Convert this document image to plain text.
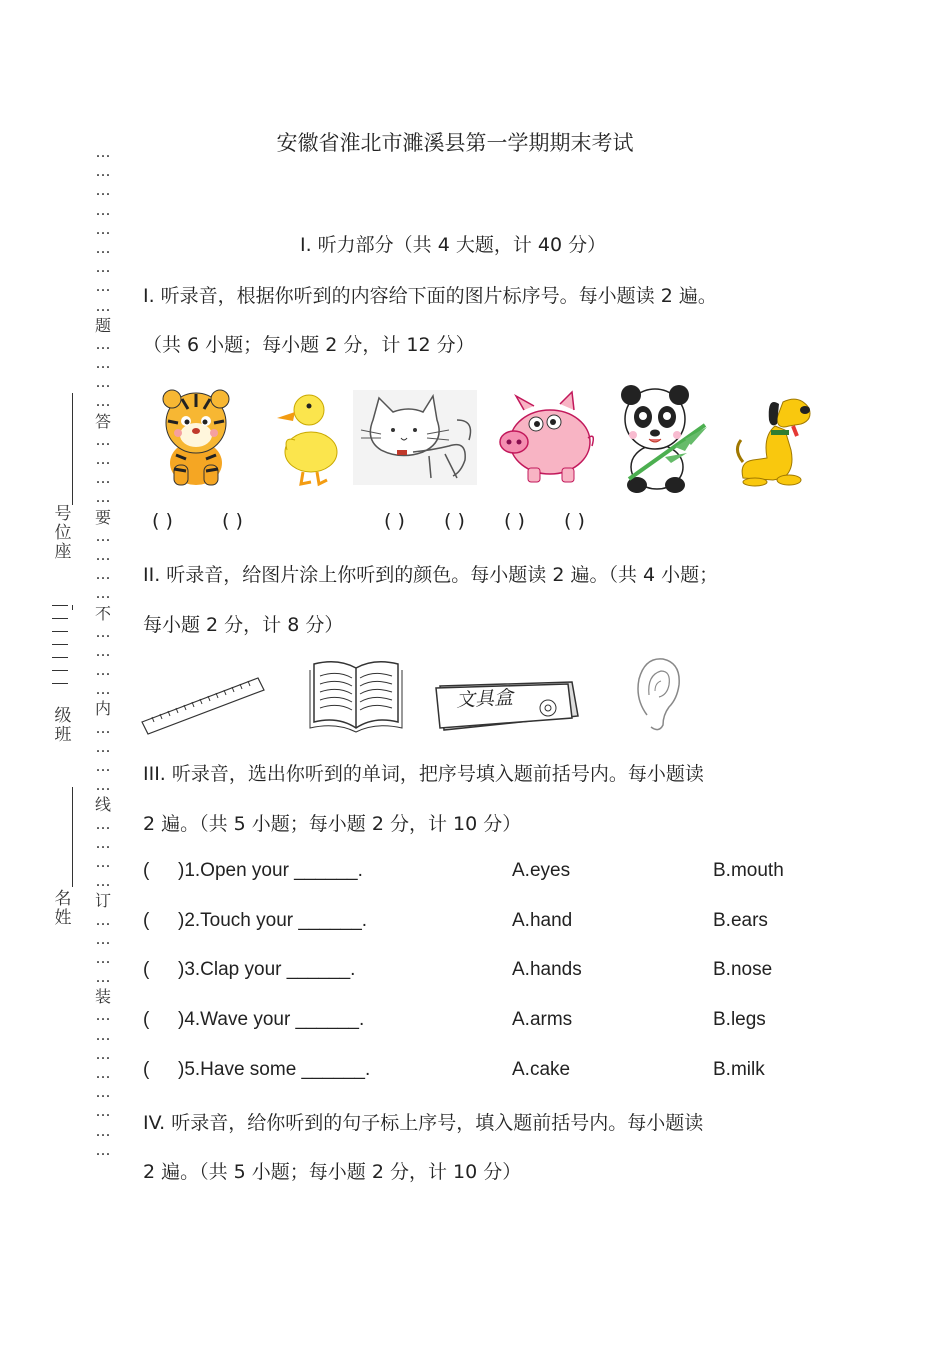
安徽省淮北市濉溪县第一学期期末考试
…
…
…
…
…
…
…
…
…
题
…
…
…
…
答
…
…
…
…
要
…
…
…
…
不
…
…
…
…
内
…
…
…
…
线
…
…
…
…
订
…
…
…
…
装
…
…
…
…
…
…
…
…
号
位
座
级
班
名
姓
I. 听力部分（共 4 大题，计 40 分）
I. 听录音，根据你听到的内容给下面的图片标序号。每小题读 2 遍。
（共 6 小题；每小题 2 分，计 12 分）
( )	( )	( ) ( ) ( ) ( )
II. 听录音，给图片涂上你听到的颜色。每小题读 2 遍。（共 4 小题；
每小题 2 分，计 8 分）
文具盒
III. 听录音，选出你听到的单词，把序号填入题前括号内。每小题读
2 遍。（共 5 小题；每小题 2 分，计 10 分）
( )1.Open your ______.	A.eyes	B.mouth
( )2.Touch your ______.	A.hand	B.ears
( )3.Clap your ______.	A.hands	B.nose
( )4.Wave your ______.	A.arms	B.legs
( )5.Have some ______.	A.cake	B.milk
IV. 听录音，给你听到的句子标上序号，填入题前括号内。每小题读
2 遍。（共 5 小题；每小题 2 分，计 10 分）
